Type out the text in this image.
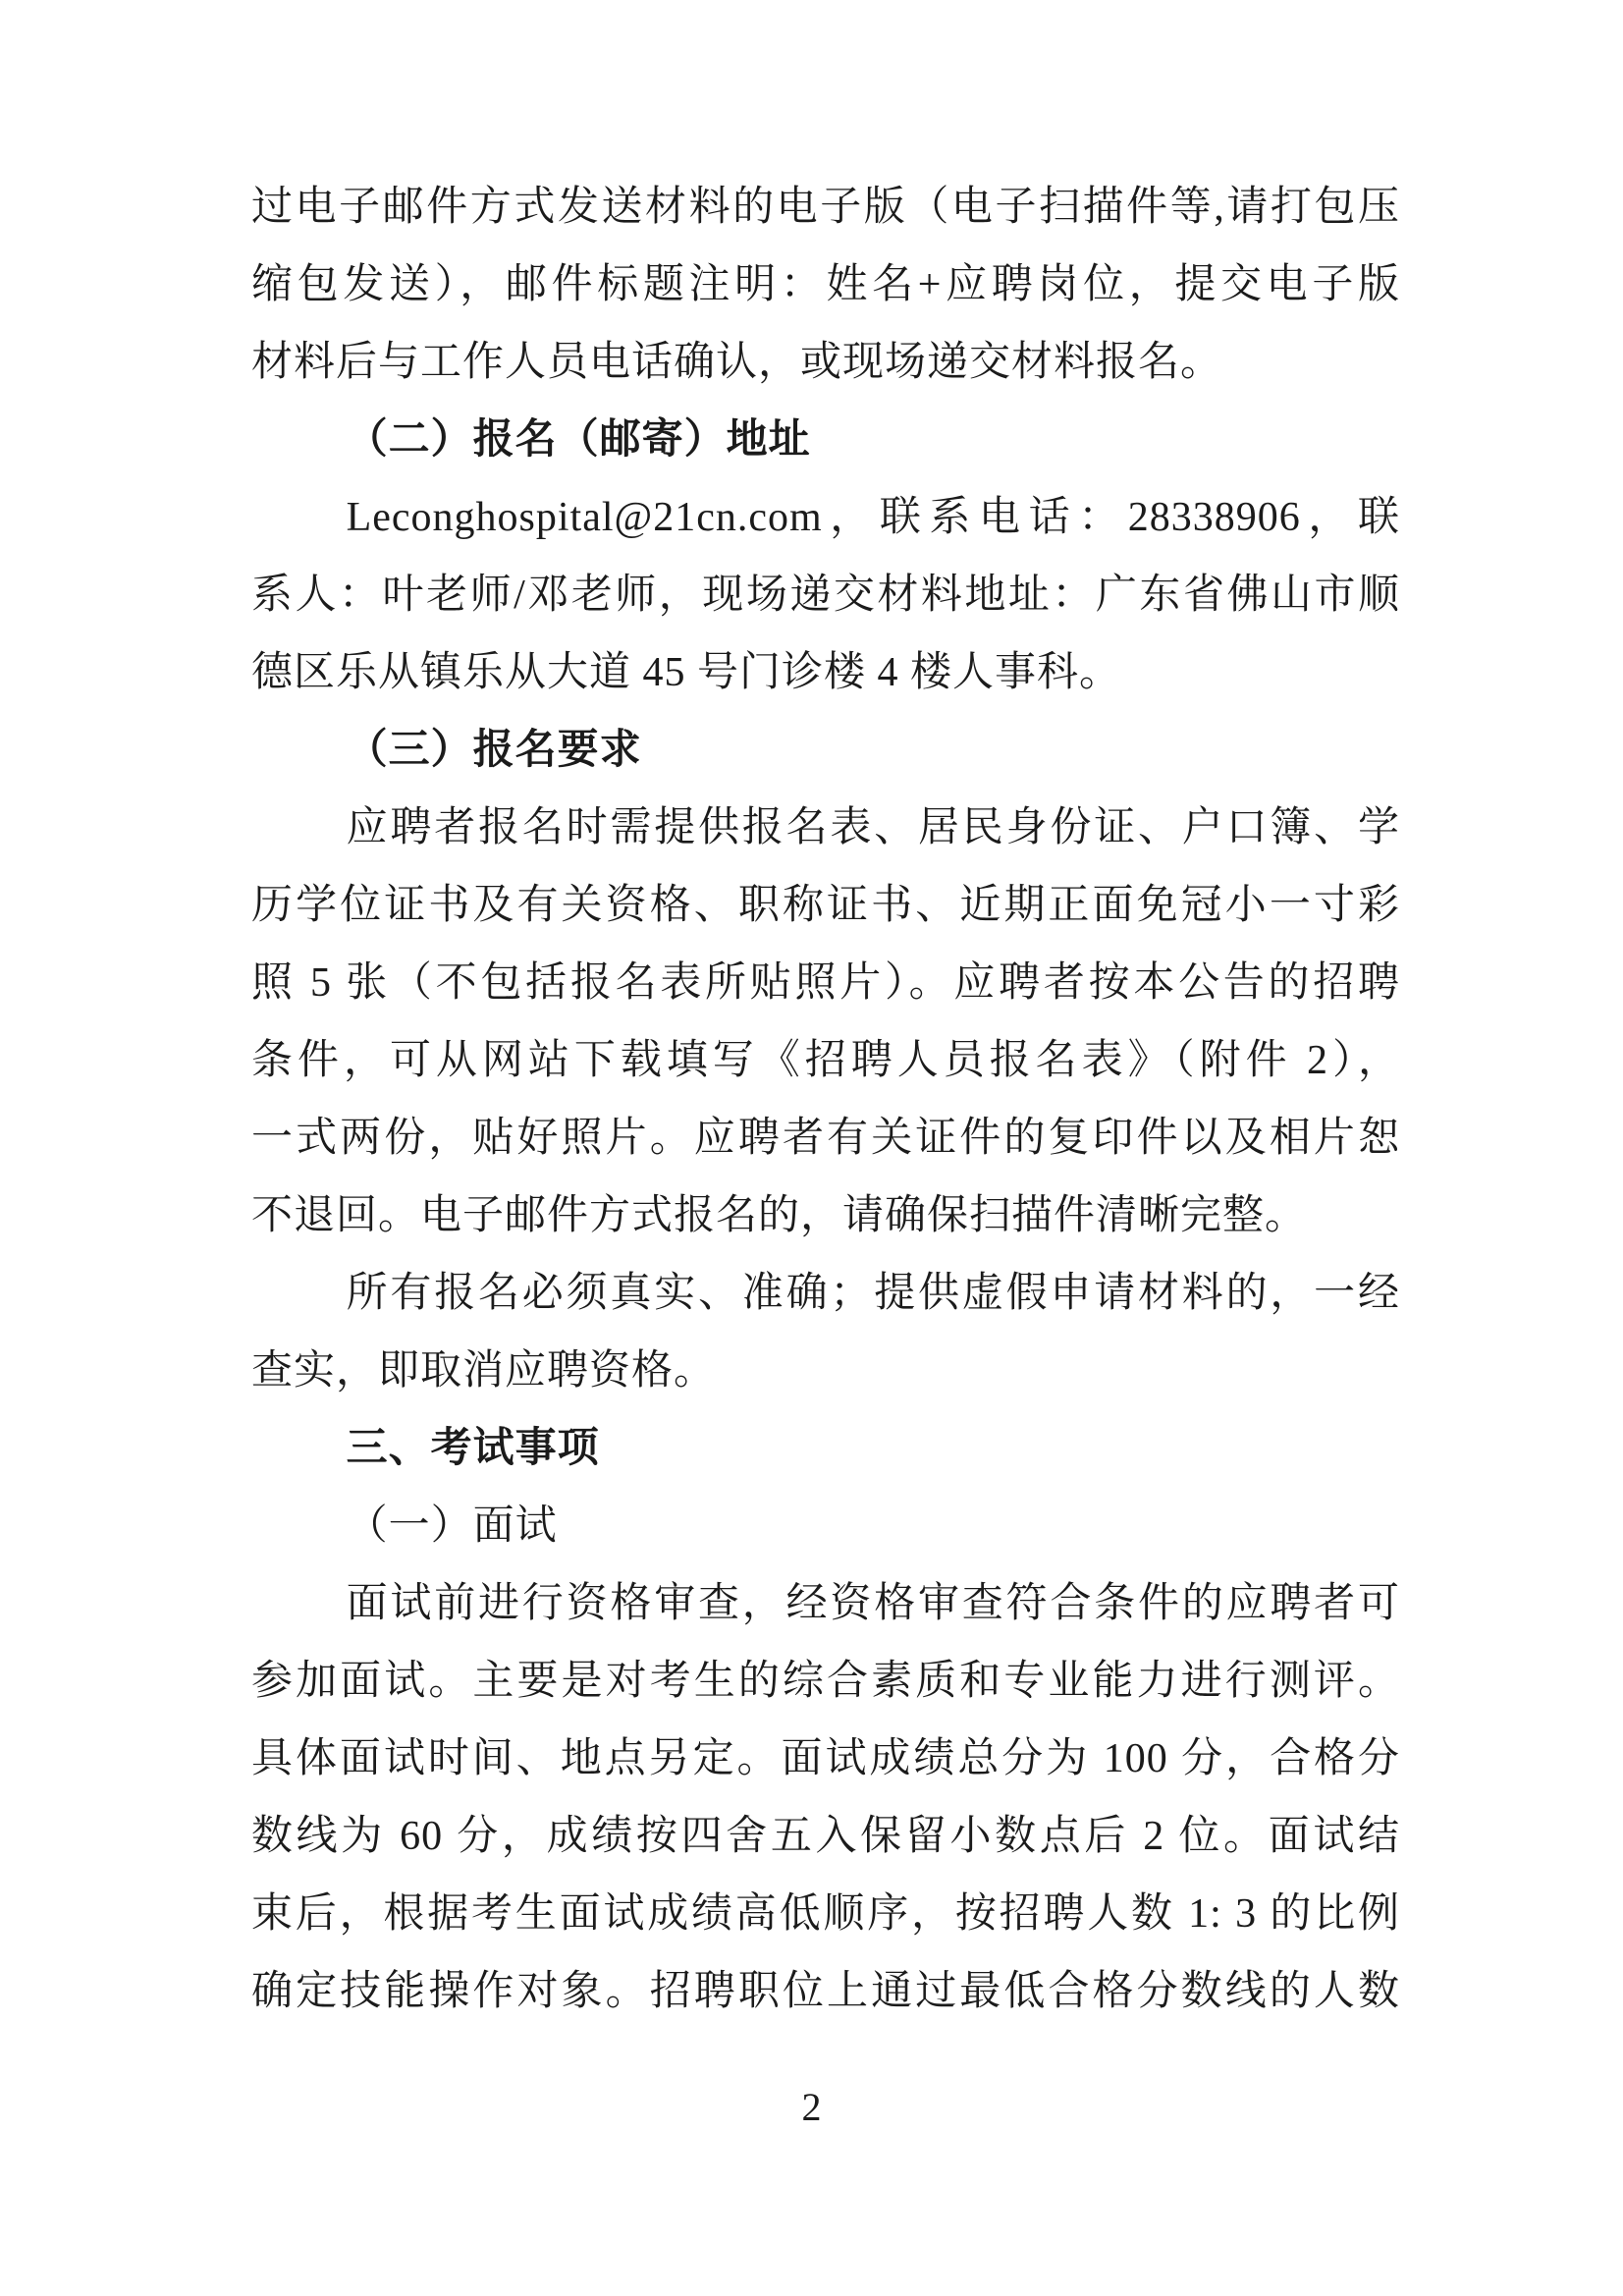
过电子邮件方式发送材料的电子版（电子扫描件等,请打包压
缩包发送），邮件标题注明：姓名+应聘岗位，提交电子版
材料后与工作人员电话确认，或现场递交材料报名。
（二）报名（邮寄）地址
Leconghospital@21cn.com，联系电话：28338906，联
系人：叶老师/邓老师，现场递交材料地址：广东省佛山市顺
德区乐从镇乐从大道 45 号门诊楼 4 楼人事科。
（三）报名要求
应聘者报名时需提供报名表、居民身份证、户口簿、学
历学位证书及有关资格、职称证书、近期正面免冠小一寸彩
照 5 张（不包括报名表所贴照片）。应聘者按本公告的招聘
条件，可从网站下载填写《招聘人员报名表》（附件 2），
一式两份，贴好照片。应聘者有关证件的复印件以及相片恕
不退回。电子邮件方式报名的，请确保扫描件清晰完整。
所有报名必须真实、准确；提供虚假申请材料的，一经
查实，即取消应聘资格。
三、考试事项
（一）面试
面试前进行资格审查，经资格审查符合条件的应聘者可
参加面试。主要是对考生的综合素质和专业能力进行测评。
具体面试时间、地点另定。面试成绩总分为 100 分，合格分
数线为 60 分，成绩按四舍五入保留小数点后 2 位。面试结
束后，根据考生面试成绩高低顺序，按招聘人数 1: 3 的比例
确定技能操作对象。招聘职位上通过最低合格分数线的人数
2
